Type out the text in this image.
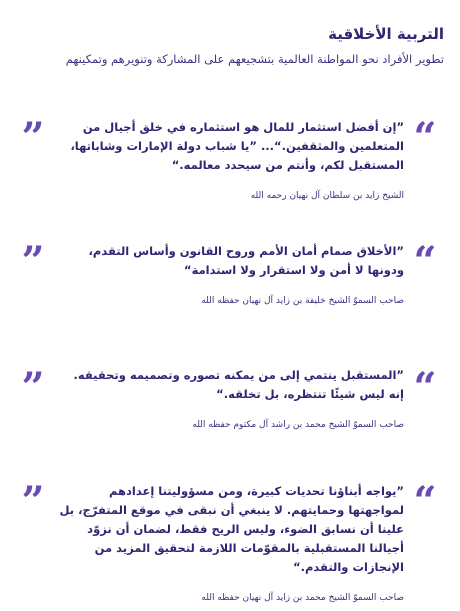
التربية الأخلاقية

تطوير الأفراد نحو المواطنة العالمية بتشجيعهم على المشاركة وتنويرهم وتمكينهم

“

”إن أفضل استثمار للمال هو استثماره في خلق أجيال من المتعلمين والمثقفين.“... ”يا شباب دولة الإمارات وشاباتها، المستقبل لكم، وأنتم من سيحدد معالمه.“

الشيخ زايد بن سلطان آل نهيان رحمه الله

”
“

”الأخلاق صمام أمان الأمم وروح القانون وأساس التقدم، ودونها لا أمن ولا استقرار ولا استدامة“

صاحب السموّ الشيخ خليفة بن زايد آل نهيان حفظه الله

”
“

”المستقبل ينتمي إلى من يمكنه تصوره وتصميمه وتحقيقه. إنه ليس شيئًا تنتظره، بل تخلقه.“

صاحب السموّ الشيخ محمد بن راشد آل مكتوم حفظه الله

”
“

”يواجه أبناؤنا تحديات كبيرة، ومن مسؤوليتنا إعدادهم لمواجهتها وحمايتهم. لا ينبغي أن نبقى في موقع المتفرّج، بل علينا أن نسابق الضوء، وليس الريح فقط، لضمان أن نزوّد أجيالنا المستقبلية بالمقوّمات اللازمة لتحقيق المزيد من الإنجازات والتقدم.“

صاحب السموّ الشيخ محمد بن زايد آل نهيان حفظه الله

”
